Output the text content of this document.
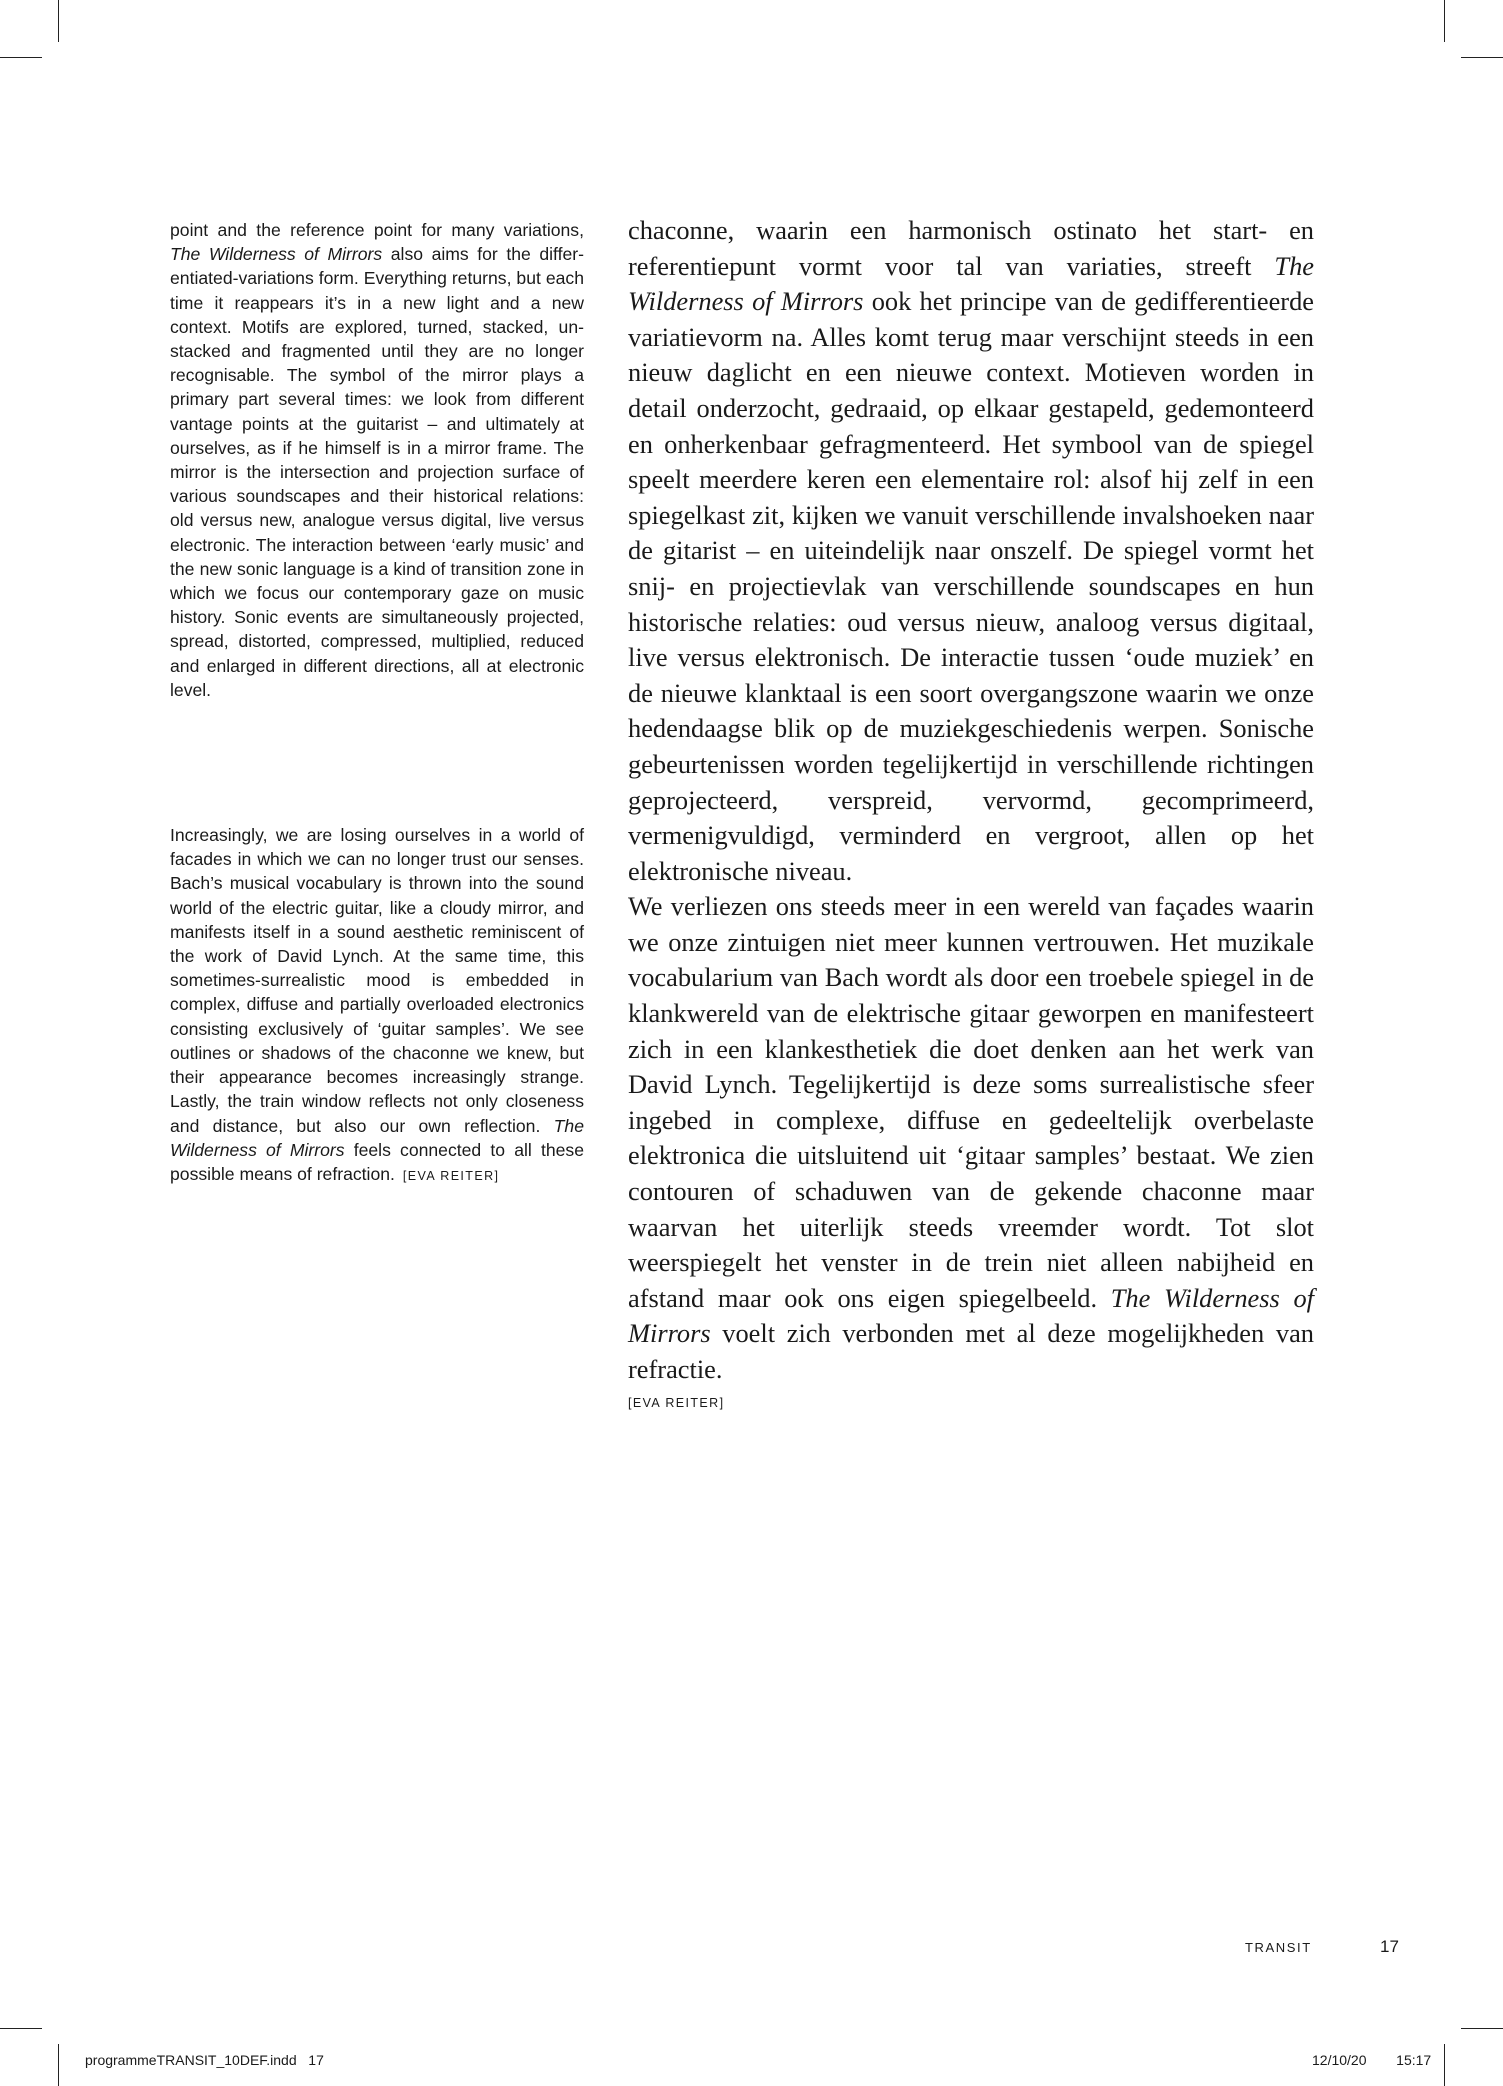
point and the reference point for many variations, The Wilderness of Mirrors also aims for the differentiated-variations form. Everything returns, but each time it reappears it’s in a new light and a new context. Motifs are explored, turned, stacked, unstacked and fragmented until they are no longer recognisable. The symbol of the mirror plays a primary part several times: we look from different vantage points at the guitarist – and ultimately at ourselves, as if he himself is in a mirror frame. The mirror is the intersection and projection surface of various soundscapes and their historical relations: old versus new, analogue versus digital, live versus electronic. The interaction between ‘early music’ and the new sonic language is a kind of transition zone in which we focus our contemporary gaze on music history. Sonic events are simultaneously projected, spread, distorted, compressed, multiplied, reduced and enlarged in different directions, all at electronic level.

Increasingly, we are losing ourselves in a world of facades in which we can no longer trust our senses. Bach’s musical vocabulary is thrown into the sound world of the electric guitar, like a cloudy mirror, and manifests itself in a sound aesthetic reminiscent of the work of David Lynch. At the same time, this sometimes-surrealistic mood is embedded in complex, diffuse and partially overloaded electronics consisting exclusively of ‘guitar samples’. We see outlines or shadows of the chaconne we knew, but their appearance becomes increasingly strange. Lastly, the train window reflects not only closeness and distance, but also our own reflection. The Wilderness of Mirrors feels connected to all these possible means of refraction. [EVA REITER]

chaconne, waarin een harmonisch ostinato het start- en referentiepunt vormt voor tal van variaties, streeft The Wilderness of Mirrors ook het principe van de gedifferentieerde variatievorm na. Alles komt terug maar verschijnt steeds in een nieuw daglicht en een nieuwe context. Motieven worden in detail onderzocht, gedraaid, op elkaar gestapeld, gedemonteerd en onherkenbaar gefragmenteerd. Het symbool van de spiegel speelt meerdere keren een elementaire rol: alsof hij zelf in een spiegelkast zit, kijken we vanuit verschillende invalshoeken naar de gitarist – en uiteindelijk naar onszelf. De spiegel vormt het snij- en projectievlak van verschillende soundscapes en hun historische relaties: oud versus nieuw, analoog versus digitaal, live versus elektronisch. De interactie tussen ‘oude muziek’ en de nieuwe klanktaal is een soort overgangszone waarin we onze hedendaagse blik op de muziekgeschiedenis werpen. Sonische gebeurtenissen worden tegelijkertijd in verschillende richtingen geprojecteerd, verspreid, vervormd, gecomprimeerd, vermenigvuldigd, verminderd en vergroot, allen op het elektronische niveau.

We verliezen ons steeds meer in een wereld van façades waarin we onze zintuigen niet meer kunnen vertrouwen. Het muzikale vocabularium van Bach wordt als door een troebele spiegel in de klankwereld van de elektrische gitaar geworpen en manifesteert zich in een klankesthetiek die doet denken aan het werk van David Lynch. Tegelijkertijd is deze soms surrealistische sfeer ingebed in complexe, diffuse en gedeeltelijk overbelaste elektronica die uitsluitend uit ‘gitaar samples’ bestaat. We zien contouren of schaduwen van de gekende chaconne maar waarvan het uiterlijk steeds vreemder wordt. Tot slot weerspiegelt het venster in de trein niet alleen nabijheid en afstand maar ook ons eigen spiegelbeeld. The Wilderness of Mirrors voelt zich verbonden met al deze mogelijkheden van refractie.

[EVA REITER]
TRANSIT	17
programmeTRANSIT_10DEF.indd   17	12/10/20   15:17
